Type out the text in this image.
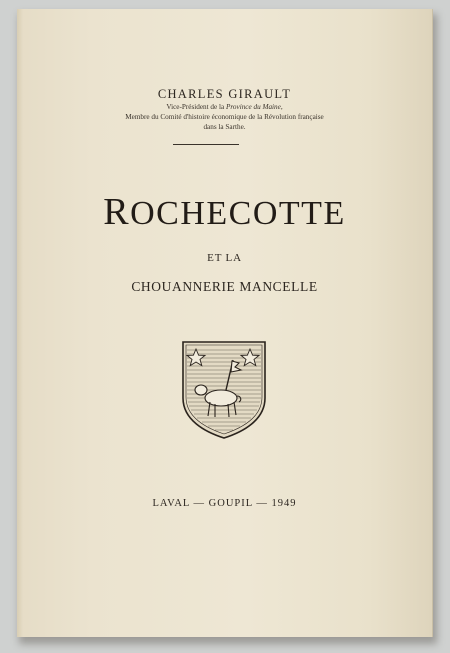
CHARLES GIRAULT
Vice-Président de la Province du Maine,
Membre du Comité d'histoire économique de la Révolution française
dans la Sarthe.
ROCHECOTTE
ET LA
CHOUANNERIE MANCELLE
LAVAL — GOUPIL — 1949
